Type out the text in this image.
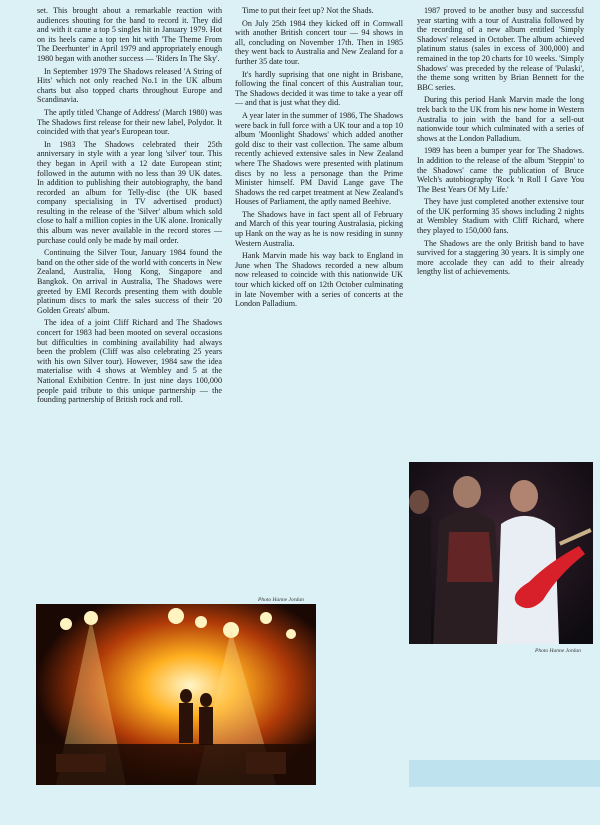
set. This brought about a remarkable reaction with audiences shouting for the band to record it. They did and with it came a top 5 singles hit in January 1979. Hot on its heels came a top ten hit with 'The Theme From The Deerhunter' in April 1979 and appropriately enough 1980 began with another success — 'Riders In The Sky'.

In September 1979 The Shadows released 'A String of Hits' which not only reached No.1 in the UK album charts but also topped charts throughout Europe and Scandinavia.

The aptly titled 'Change of Address' (March 1980) was The Shadows first release for their new label, Polydor. It coincided with that year's European tour.

In 1983 The Shadows celebrated their 25th anniversary in style with a year long 'silver' tour. This they began in April with a 12 date European stint; followed in the autumn with no less than 39 UK dates. In addition to publishing their autobiography, the band recorded an album for Telly-disc (the UK based company specialising in TV advertised product) resulting in the release of the 'Silver' album which sold close to half a million copies in the UK alone. Ironically this album was never available in the record stores — purchase could only be made by mail order.

Continuing the Silver Tour, January 1984 found the band on the other side of the world with concerts in New Zealand, Australia, Hong Kong, Singapore and Bangkok. On arrival in Australia, The Shadows were greeted by EMI Records presenting them with double platinum discs to mark the sales success of their '20 Golden Greats' album.

The idea of a joint Cliff Richard and The Shadows concert for 1983 had been mooted on several occasions but difficulties in combining availability had always been the problem (Cliff was also celebrating 25 years with his own Silver tour). However, 1984 saw the idea materialise with 4 shows at Wembley and 5 at the National Exhibition Centre. In just nine days 100,000 people paid tribute to this unique partnership — the founding partnership of British rock and roll.

Time to put their feet up? Not the Shads.

On July 25th 1984 they kicked off in Cornwall with another British concert tour — 94 shows in all, concluding on November 17th. Then in 1985 they went back to Australia and New Zealand for a further 35 date tour.

It's hardly suprising that one night in Brisbane, following the final concert of this Australian tour, The Shadows decided it was time to take a year off — and that is just what they did.

A year later in the summer of 1986, The Shadows were back in full force with a UK tour and a top 10 album 'Moonlight Shadows' which added another gold disc to their vast collection. The same album recently achieved extensive sales in New Zealand where The Shadows were presented with platinum discs by no less a personage than the Prime Minister himself. PM David Lange gave The Shadows the red carpet treatment at New Zealand's Houses of Parliament, the aptly named Beehive.

The Shadows have in fact spent all of February and March of this year touring Australasia, picking up Hank on the way as he is now residing in sunny Western Australia.

Hank Marvin made his way back to England in June when The Shadows recorded a new album now released to coincide with this nationwide UK tour which kicked off on 12th October culminating in late November with a series of concerts at the London Palladium.

1987 proved to be another busy and successful year starting with a tour of Australia followed by the recording of a new album entitled 'Simply Shadows' released in October. The album achieved platinum status (sales in excess of 300,000) and remained in the top 20 charts for 10 weeks. 'Simply Shadows' was preceded by the release of 'Pulaski', the theme song written by Brian Bennett for the BBC series.

During this period Hank Marvin made the long trek back to the UK from his new home in Western Australia to join with the band for a sell-out nationwide tour which culminated with a series of shows at the London Palladium.

1989 has been a bumper year for The Shadows. In addition to the release of the album 'Steppin' to the Shadows' came the publication of Bruce Welch's autobiography 'Rock 'n Roll I Gave You The Best Years Of My Life.'

They have just completed another extensive tour of the UK performing 35 shows including 2 nights at Wembley Stadium with Cliff Richard, where they played to 150,000 fans.

The Shadows are the only British band to have survived for a staggering 30 years. It is simply one more accolade they can add to their already lengthy list of achievements.

Photo Hanne Jordan
Photo Hanne Jordan
